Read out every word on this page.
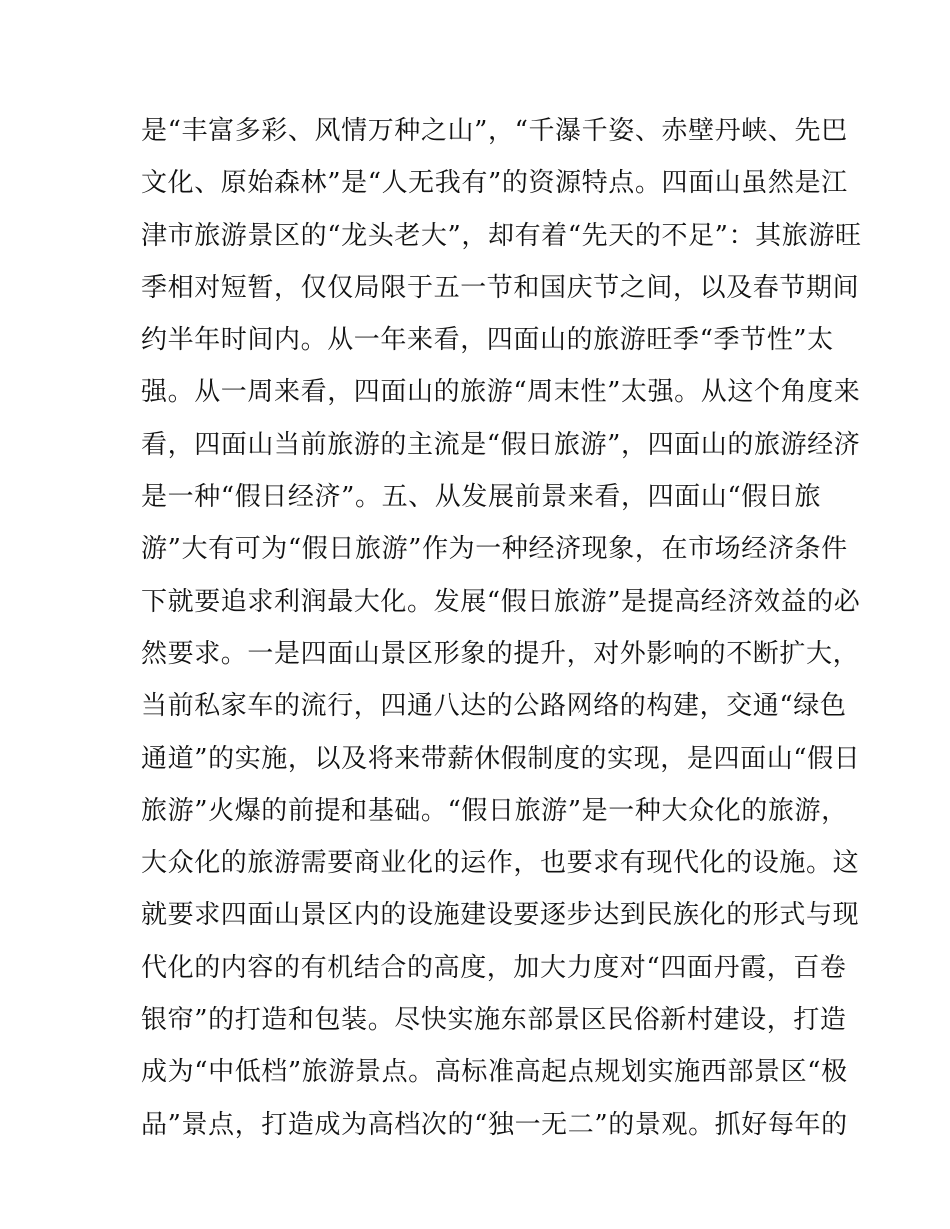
是“丰富多彩、风情万种之山”，“千瀑千姿、赤壁丹峡、先巴
文化、原始森林”是“人无我有”的资源特点。四面山虽然是江
津市旅游景区的“龙头老大”，却有着“先天的不足”：其旅游旺
季相对短暂，仅仅局限于五一节和国庆节之间，以及春节期间
约半年时间内。从一年来看，四面山的旅游旺季“季节性”太
强。从一周来看，四面山的旅游“周末性”太强。从这个角度来
看，四面山当前旅游的主流是“假日旅游”，四面山的旅游经济
是一种“假日经济”。五、从发展前景来看，四面山“假日旅
游”大有可为“假日旅游”作为一种经济现象，在市场经济条件
下就要追求利润最大化。发展“假日旅游”是提高经济效益的必
然要求。一是四面山景区形象的提升，对外影响的不断扩大，
当前私家车的流行，四通八达的公路网络的构建，交通“绿色
通道”的实施，以及将来带薪休假制度的实现，是四面山“假日
旅游”火爆的前提和基础。“假日旅游”是一种大众化的旅游，
大众化的旅游需要商业化的运作，也要求有现代化的设施。这
就要求四面山景区内的设施建设要逐步达到民族化的形式与现
代化的内容的有机结合的高度，加大力度对“四面丹霞，百卷
银帘”的打造和包装。尽快实施东部景区民俗新村建设，打造
成为“中低档”旅游景点。高标准高起点规划实施西部景区“极
品”景点，打造成为高档次的“独一无二”的景观。抓好每年的
